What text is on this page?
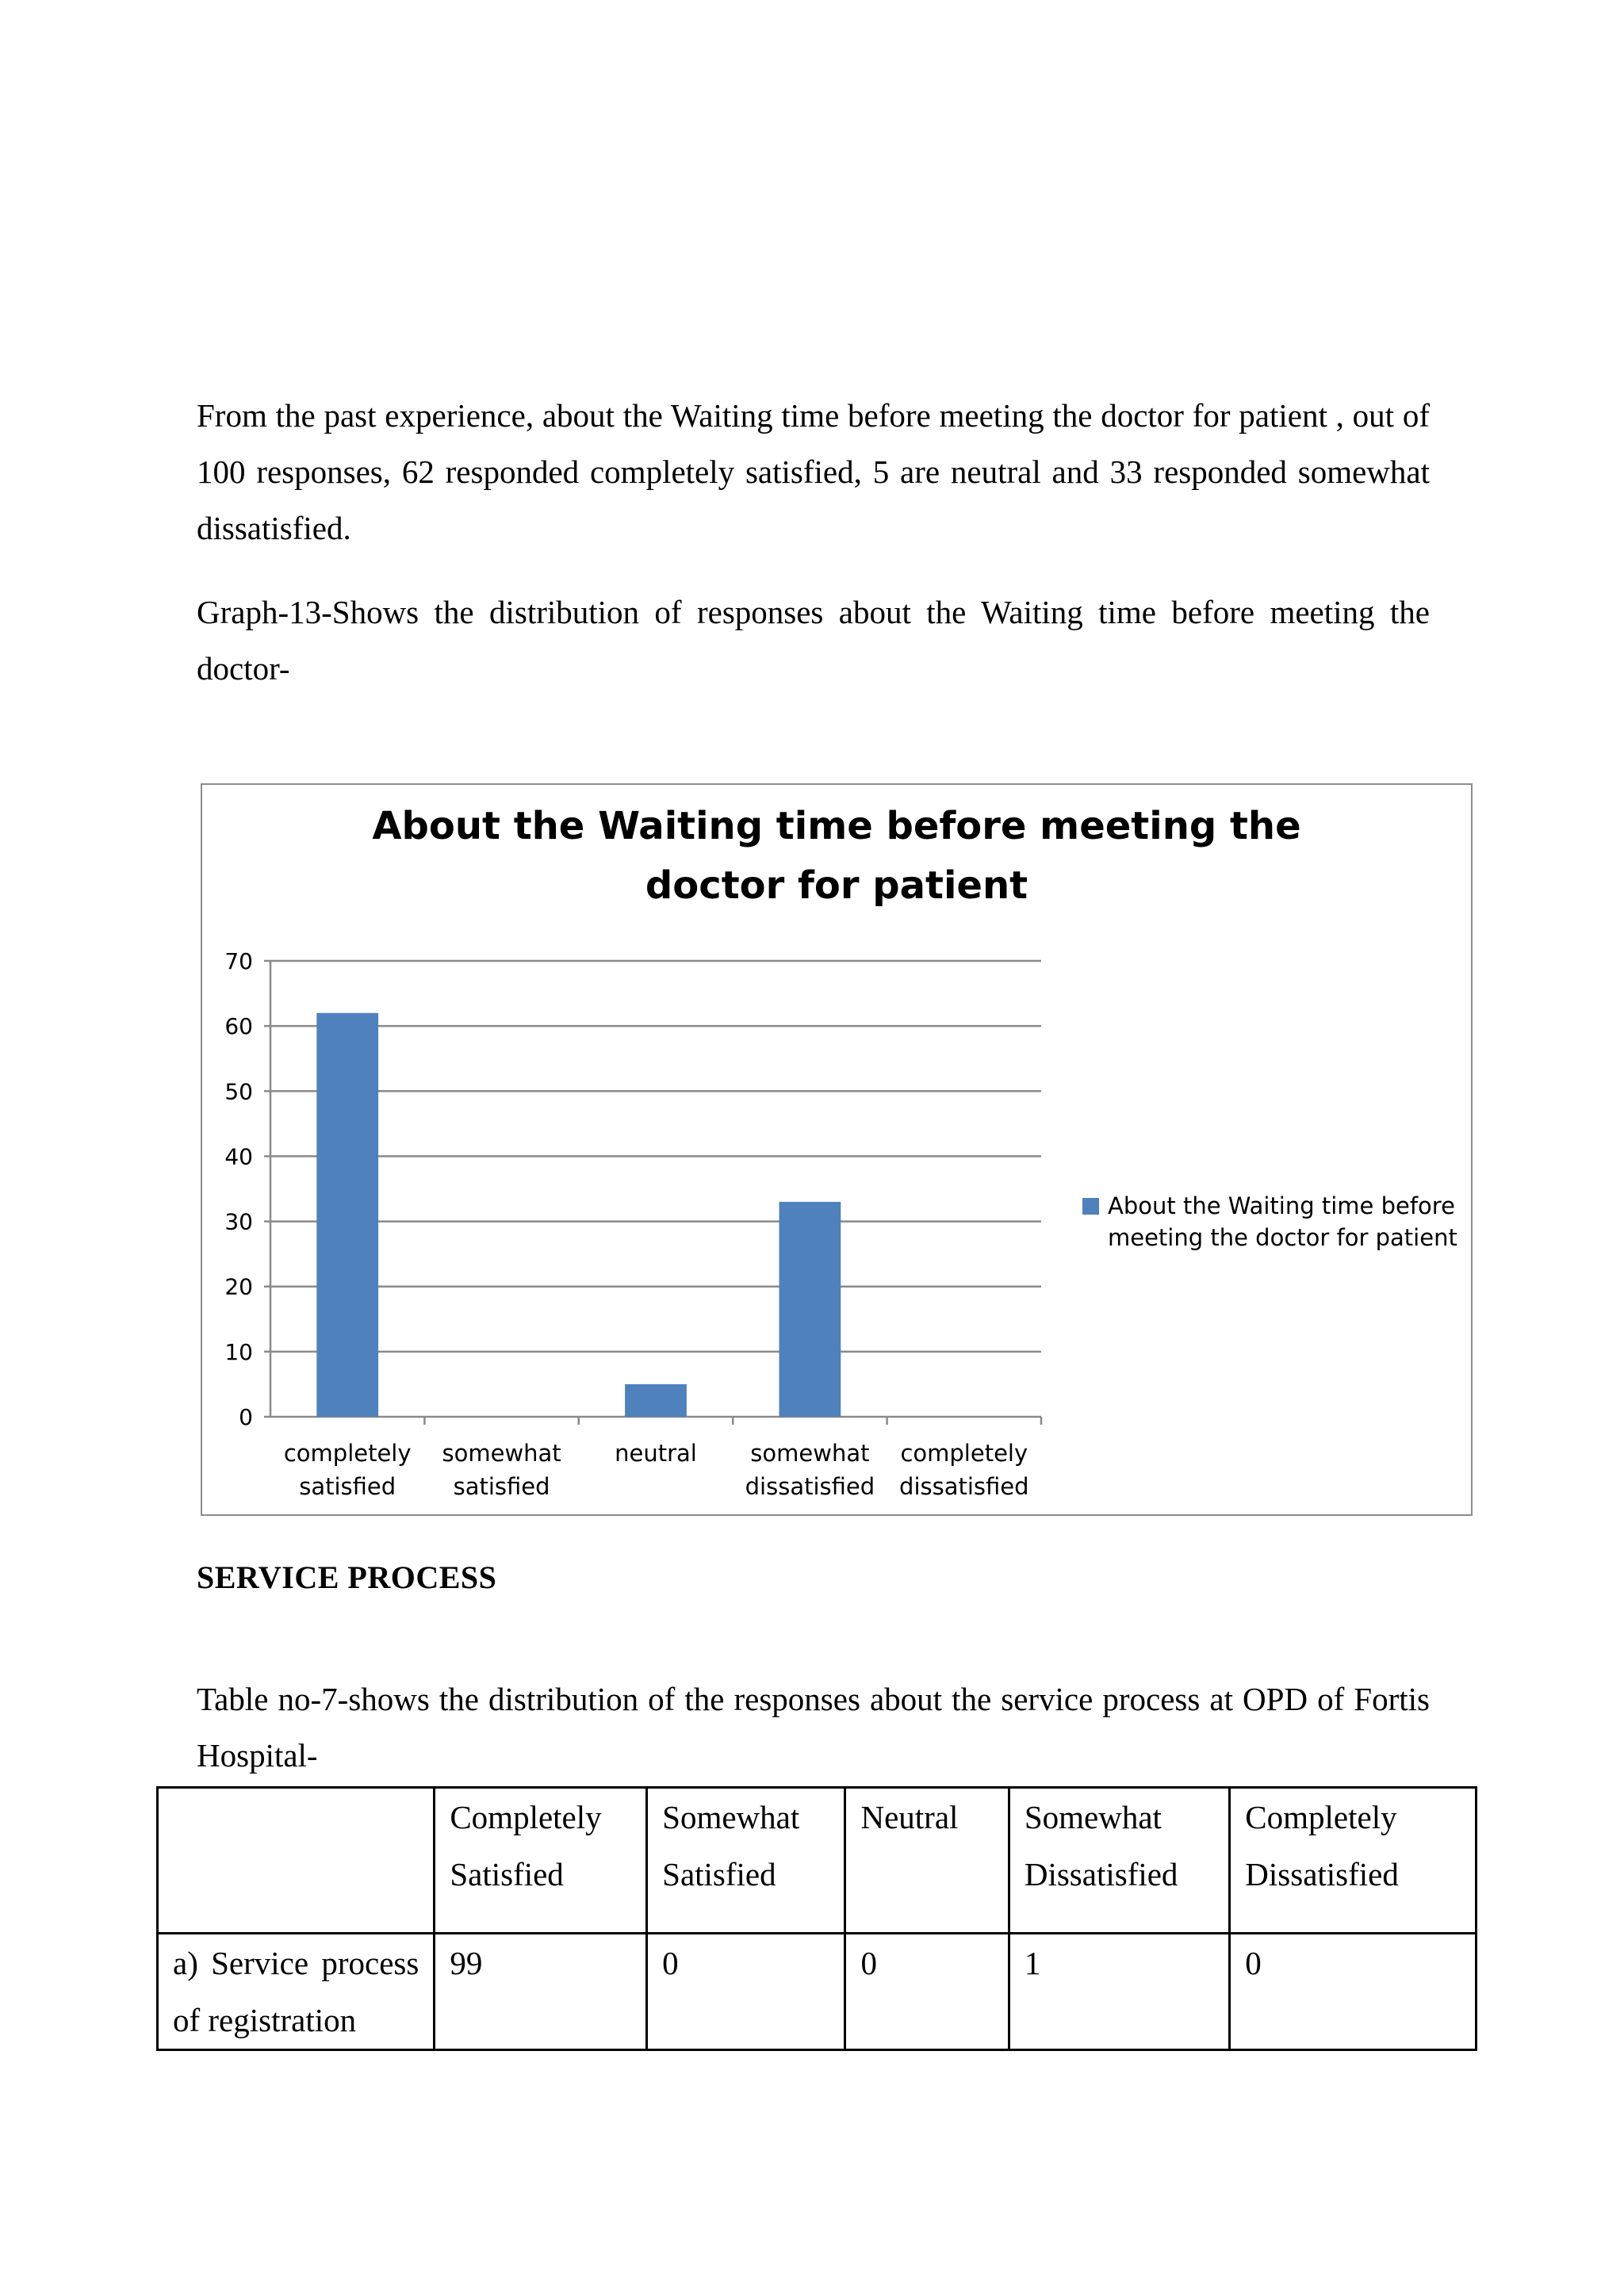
From the past experience, about the Waiting time before meeting the doctor for patient , out of 100 responses, 62 responded completely satisfied, 5 are neutral and 33 responded somewhat dissatisfied.

Graph-13-Shows the distribution of responses about the Waiting time before meeting the doctor-

About the Waiting time before meeting the
doctor for patient
0
10
20
30
40
50
60
70
completely
satisfied
somewhat
satisfied
neutral somewhat
dissatisfied
completely
dissatisfied
About the Waiting time before
meeting the doctor for patient
SERVICE PROCESS

Table no-7-shows the distribution of the responses about the service process at OPD of Fortis Hospital-

	Completely Satisfied	Somewhat Satisfied	Neutral	Somewhat Dissatisfied	Completely Dissatisfied
a) Service process of registration	99	0	0	1	0
